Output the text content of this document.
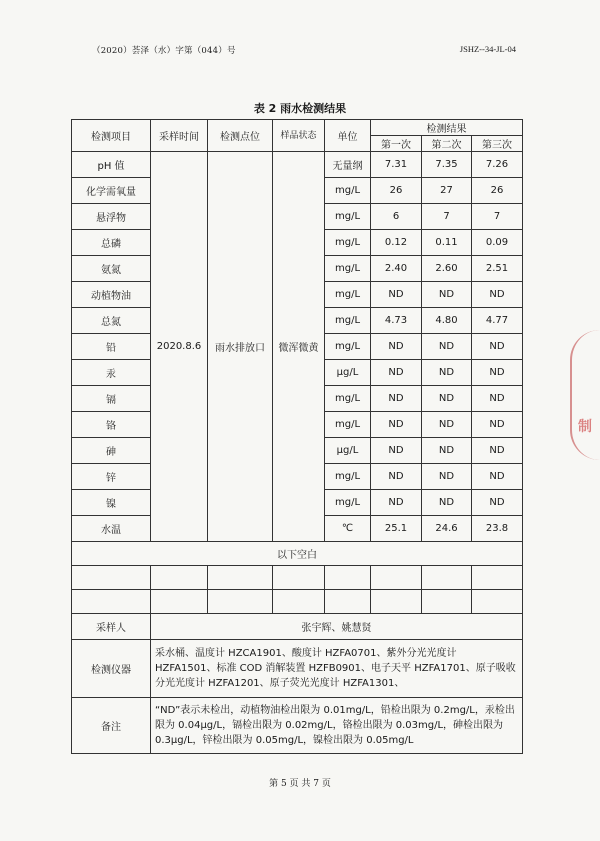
（2020）荟泽（水）字第（044）号	JSHZ--34-JL-04
表 2 雨水检测结果
检测项目	采样时间	检测点位	样品状态	单位	检测结果		
					第一次	第二次	第三次
pH 值	2020.8.6	雨水排放口	微浑微黄	无量纲	7.31	7.35	7.26
化学需氧量				mg/L	26	27	26
悬浮物				mg/L	6	7	7
总磷				mg/L	0.12	0.11	0.09
氨氮				mg/L	2.40	2.60	2.51
动植物油				mg/L	ND	ND	ND
总氮				mg/L	4.73	4.80	4.77
铅				mg/L	ND	ND	ND
汞				μg/L	ND	ND	ND
镉				mg/L	ND	ND	ND
铬				mg/L	ND	ND	ND
砷				μg/L	ND	ND	ND
锌				mg/L	ND	ND	ND
镍				mg/L	ND	ND	ND
水温				℃	25.1	24.6	23.8
以下空白							

采样人	张宇辉、姚慧贤						
检测仪器	采水桶、温度计 HZCA1901、酸度计 HZFA0701、紫外分光光度计 HZFA1501、标准 COD 消解装置 HZFB0901、电子天平 HZFA1701、原子吸收分光光度计 HZFA1201、原子荧光光度计 HZFA1301、						
备注	“ND”表示未检出，动植物油检出限为 0.01mg/L，铅检出限为 0.2mg/L，汞检出限为 0.04μg/L，镉检出限为 0.02mg/L，铬检出限为 0.03mg/L，砷检出限为 0.3μg/L，锌检出限为 0.05mg/L，镍检出限为 0.05mg/L						
第 5 页 共 7 页
制
